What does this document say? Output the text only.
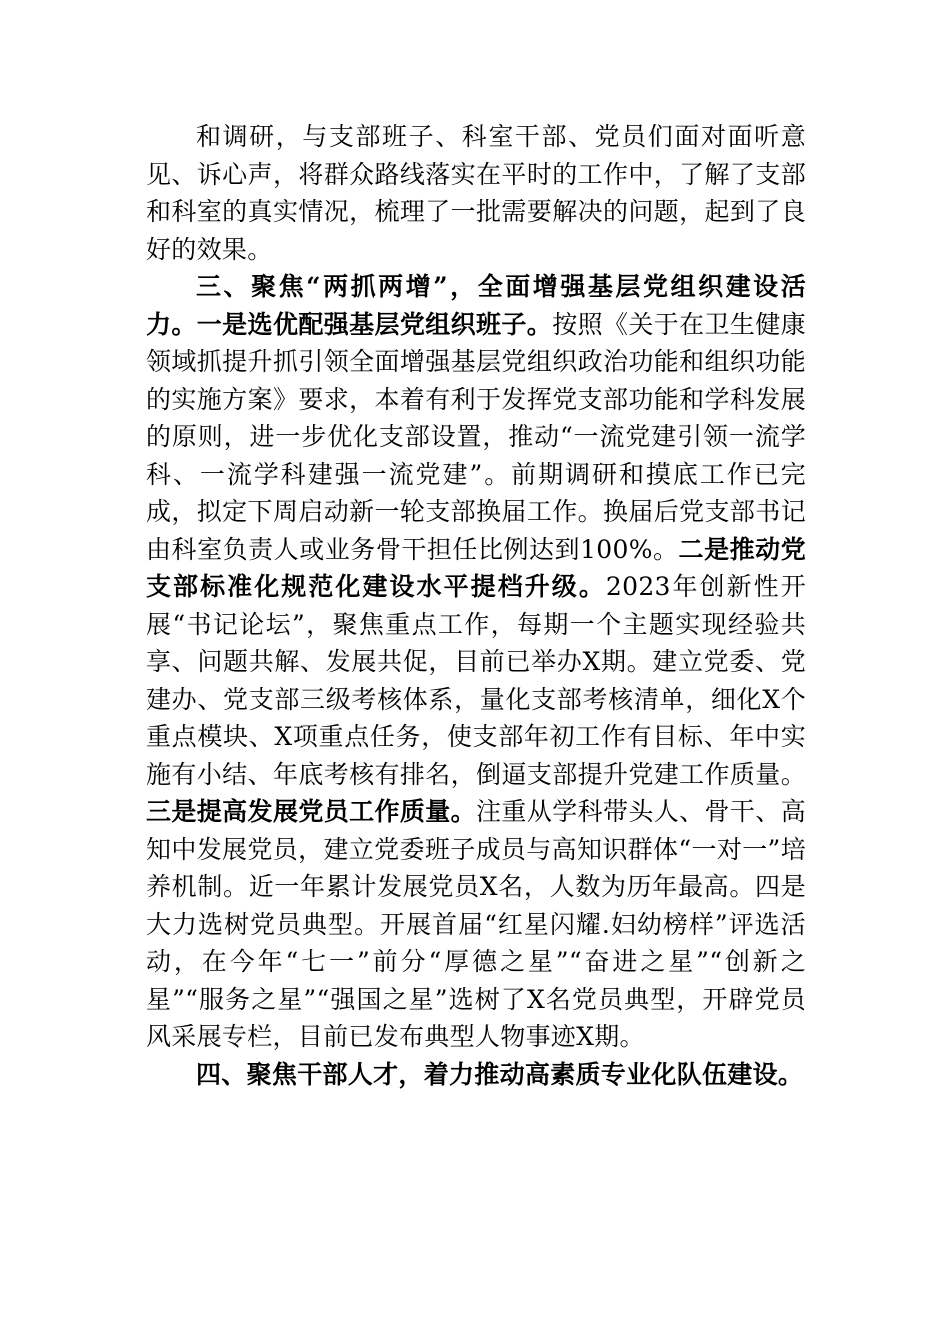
和调研，与支部班子、科室干部、党员们面对面听意见、诉心声，将群众路线落实在平时的工作中，了解了支部和科室的真实情况，梳理了一批需要解决的问题，起到了良好的效果。

三、聚焦“两抓两增”，全面增强基层党组织建设活力。一是选优配强基层党组织班子。按照《关于在卫生健康领域抓提升抓引领全面增强基层党组织政治功能和组织功能的实施方案》要求，本着有利于发挥党支部功能和学科发展的原则，进一步优化支部设置，推动“一流党建引领一流学科、一流学科建强一流党建”。前期调研和摸底工作已完成，拟定下周启动新一轮支部换届工作。换届后党支部书记由科室负责人或业务骨干担任比例达到100%。二是推动党支部标准化规范化建设水平提档升级。2023年创新性开展“书记论坛”，聚焦重点工作，每期一个主题实现经验共享、问题共解、发展共促，目前已举办X期。建立党委、党建办、党支部三级考核体系，量化支部考核清单，细化X个重点模块、X项重点任务，使支部年初工作有目标、年中实施有小结、年底考核有排名，倒逼支部提升党建工作质量。三是提高发展党员工作质量。注重从学科带头人、骨干、高知中发展党员，建立党委班子成员与高知识群体“一对一”培养机制。近一年累计发展党员X名，人数为历年最高。四是大力选树党员典型。开展首届“红星闪耀.妇幼榜样”评选活动，在今年“七一”前分“厚德之星”“奋进之星”“创新之星”“服务之星”“强国之星”选树了X名党员典型，开辟党员风采展专栏，目前已发布典型人物事迹X期。

四、聚焦干部人才，着力推动高素质专业化队伍建设。
